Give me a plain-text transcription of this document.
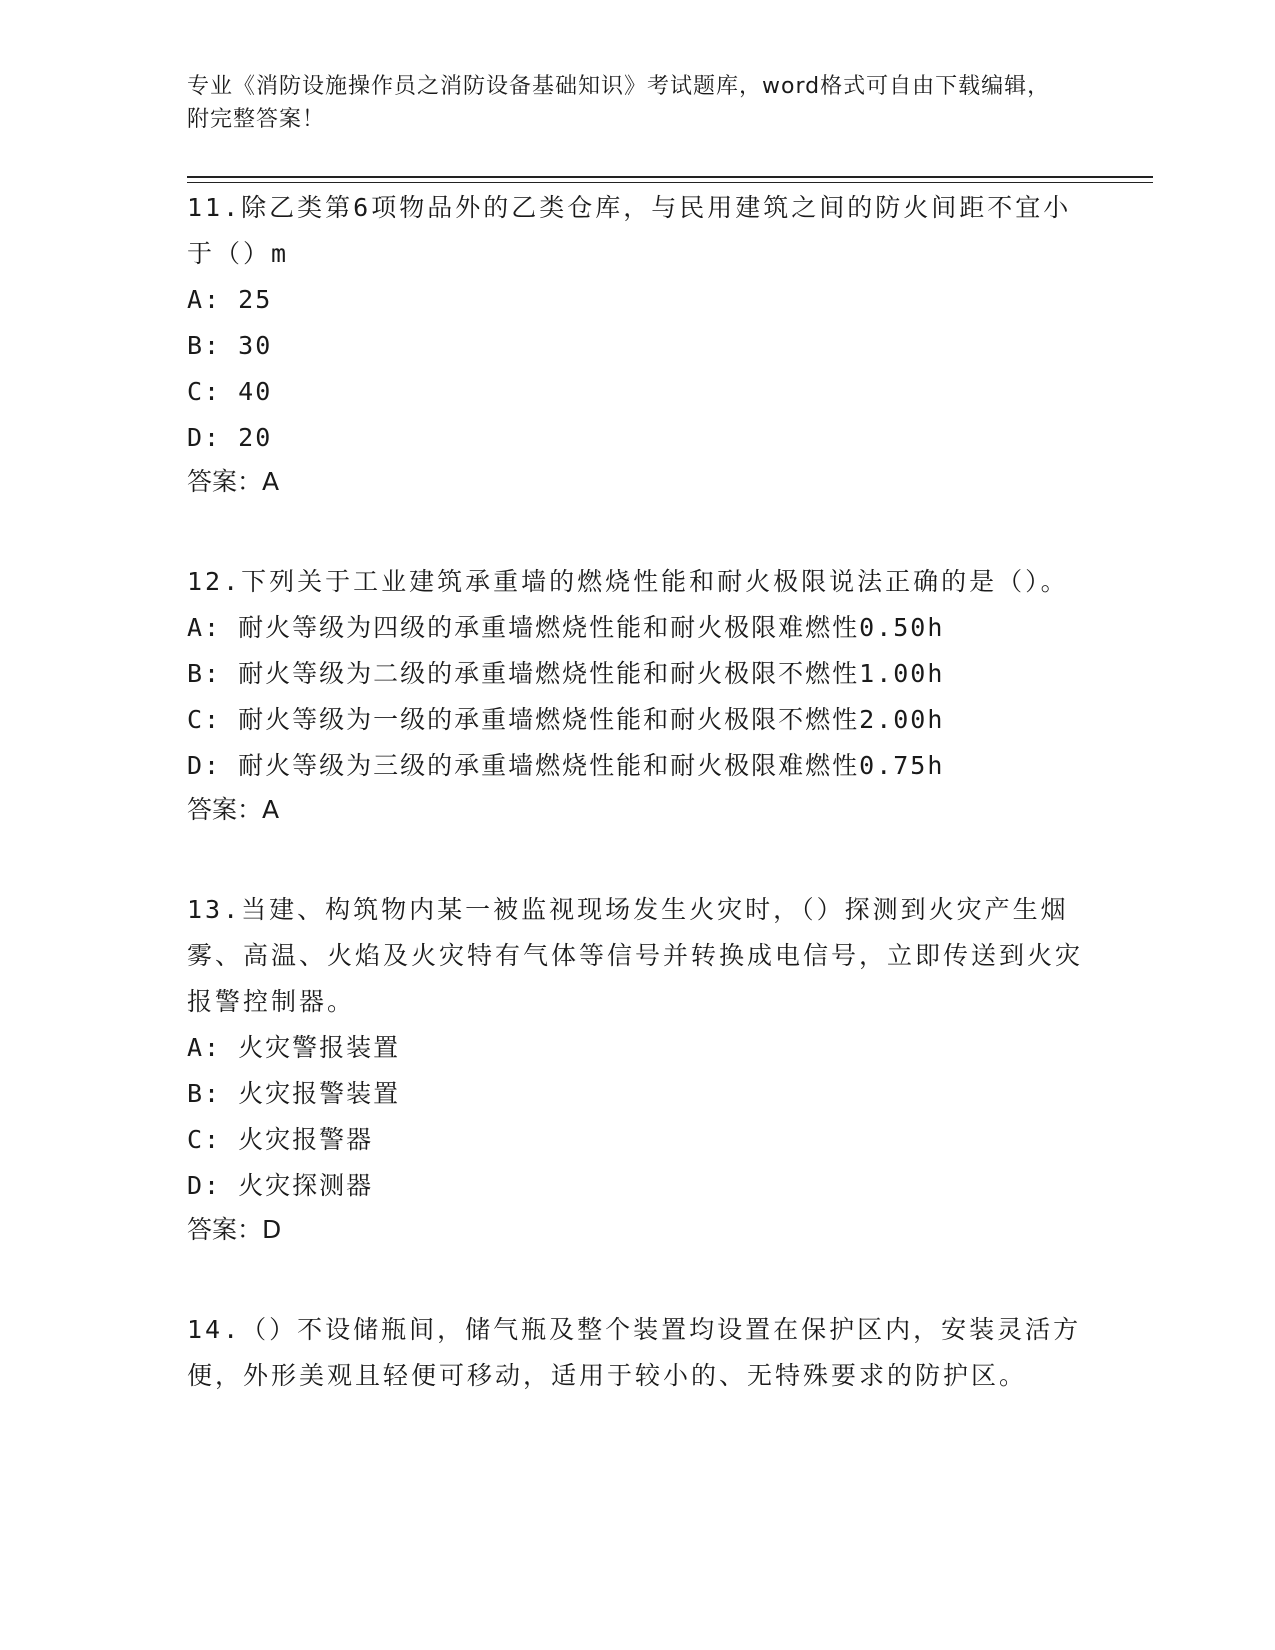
专业《消防设施操作员之消防设备基础知识》考试题库，word格式可自由下载编辑，附完整答案！

11.除乙类第6项物品外的乙类仓库，与民用建筑之间的防火间距不宜小于（）m

A: 25

B: 30

C: 40

D: 20

答案：A

12.下列关于工业建筑承重墙的燃烧性能和耐火极限说法正确的是（）。

A: 耐火等级为四级的承重墙燃烧性能和耐火极限难燃性0.50h

B: 耐火等级为二级的承重墙燃烧性能和耐火极限不燃性1.00h

C: 耐火等级为一级的承重墙燃烧性能和耐火极限不燃性2.00h

D: 耐火等级为三级的承重墙燃烧性能和耐火极限难燃性0.75h

答案：A

13.当建、构筑物内某一被监视现场发生火灾时，（）探测到火灾产生烟雾、高温、火焰及火灾特有气体等信号并转换成电信号，立即传送到火灾报警控制器。

A: 火灾警报装置

B: 火灾报警装置

C: 火灾报警器

D: 火灾探测器

答案：D

14.（）不设储瓶间，储气瓶及整个装置均设置在保护区内，安装灵活方便，外形美观且轻便可移动，适用于较小的、无特殊要求的防护区。
